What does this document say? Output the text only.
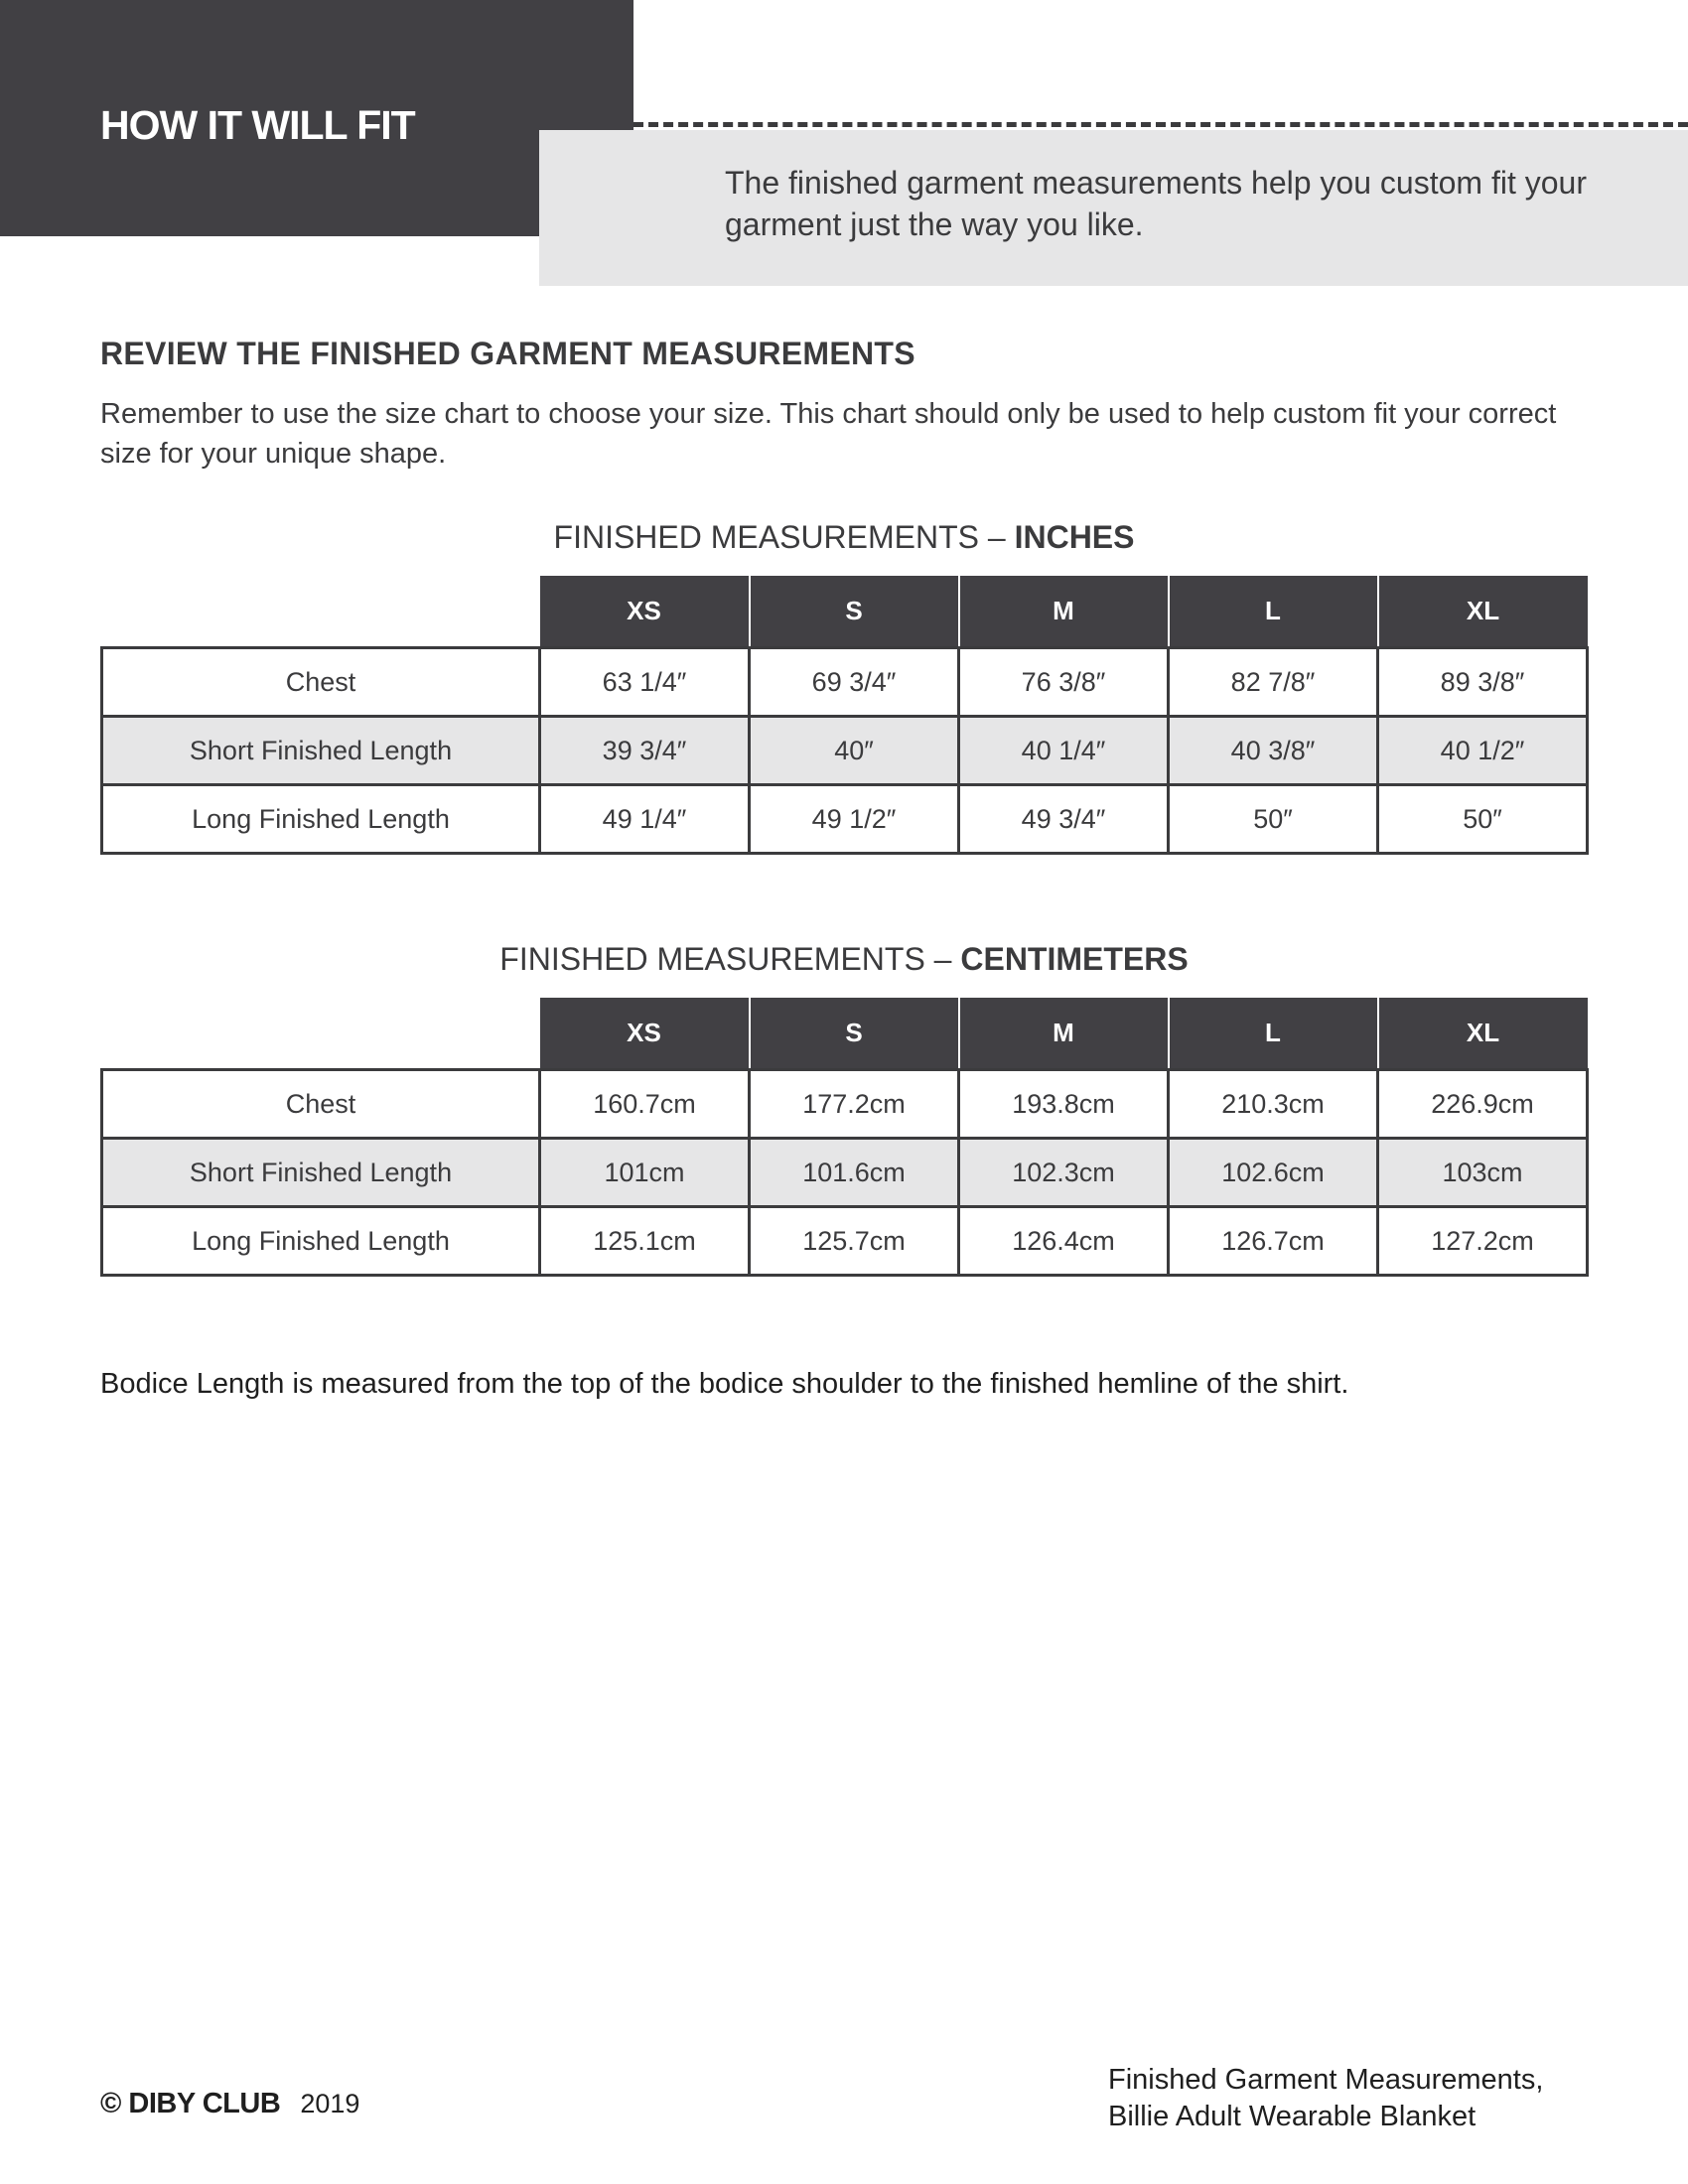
HOW IT WILL FIT
The finished garment measurements help you custom fit your garment just the way you like.
REVIEW THE FINISHED GARMENT MEASUREMENTS
Remember to use the size chart to choose your size. This chart should only be used to help custom fit your correct size for your unique shape.
FINISHED MEASUREMENTS – INCHES
	XS	S	M	L	XL
Chest	63 1/4″	69 3/4″	76 3/8″	82 7/8″	89 3/8″
Short Finished Length	39 3/4″	40″	40 1/4″	40 3/8″	40 1/2″
Long Finished Length	49 1/4″	49 1/2″	49 3/4″	50″	50″
FINISHED MEASUREMENTS – CENTIMETERS
	XS	S	M	L	XL
Chest	160.7cm	177.2cm	193.8cm	210.3cm	226.9cm
Short Finished Length	101cm	101.6cm	102.3cm	102.6cm	103cm
Long Finished Length	125.1cm	125.7cm	126.4cm	126.7cm	127.2cm
Bodice Length is measured from the top of the bodice shoulder to the finished hemline of the shirt.
© DIBY CLUB 2019
Finished Garment Measurements,
Billie Adult Wearable Blanket
